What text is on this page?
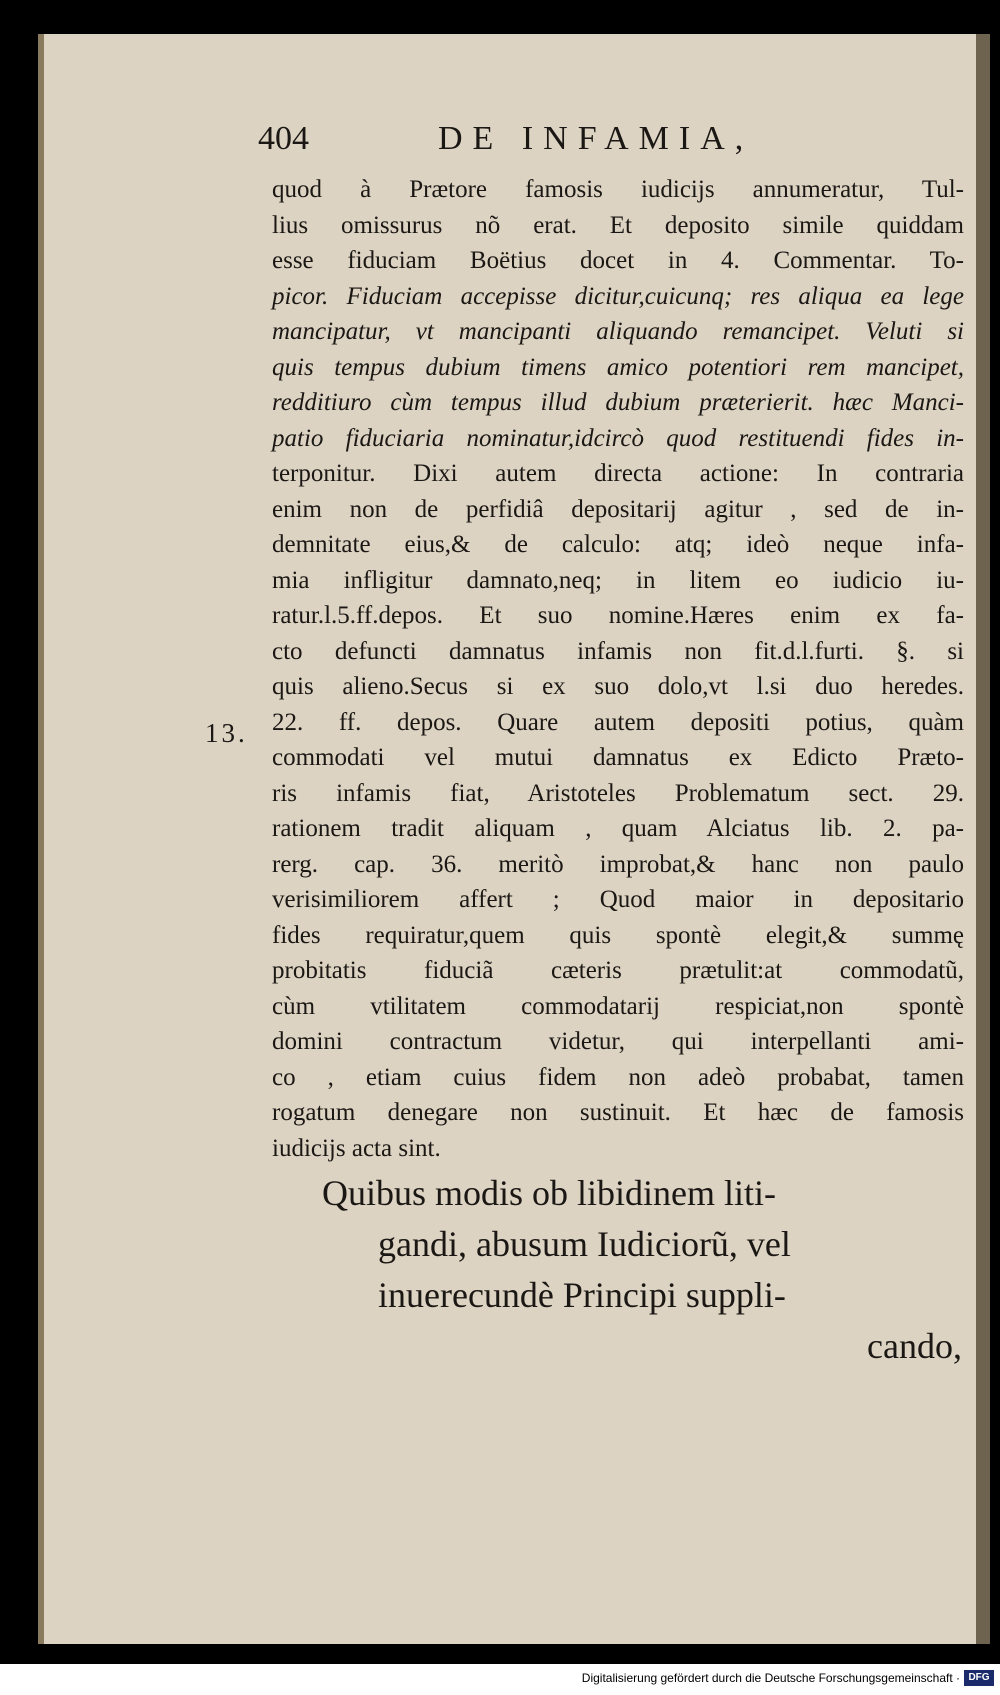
404	DE INFAMIA,
13.
quod à Prætore famosis iudicijs annumeratur, Tul-
lius omissurus nõ erat. Et deposito simile quiddam
esse fiduciam Boëtius docet in 4. Commentar. To-
picor. Fiduciam accepisse dicitur,cuicunq; res aliqua ea lege
mancipatur, vt mancipanti aliquando remancipet. Veluti si
quis tempus dubium timens amico potentiori rem mancipet,
redditiuro cùm tempus illud dubium præterierit. hæc Manci-
patio fiduciaria nominatur,idcircò quod restituendi fides in-
terponitur. Dixi autem directa actione: In contraria
enim non de perfidiâ depositarij agitur , sed de in-
demnitate eius,& de calculo: atq; ideò neque infa-
mia infligitur damnato,neq; in litem eo iudicio iu-
ratur.l.5.ff.depos. Et suo nomine.Hæres enim ex fa-
cto defuncti damnatus infamis non fit.d.l.furti. §. si
quis alieno.Secus si ex suo dolo,vt l.si duo heredes.
22. ff. depos. Quare autem depositi potius, quàm
commodati vel mutui damnatus ex Edicto Præto-
ris infamis fiat, Aristoteles Problematum sect. 29.
rationem tradit aliquam , quam Alciatus lib. 2. pa-
rerg. cap. 36. meritò improbat,& hanc non paulo
verisimiliorem affert ; Quod maior in depositario
fides requiratur,quem quis spontè elegit,& summę
probitatis fiduciã cæteris prætulit:at commodatũ,
cùm vtilitatem commodatarij respiciat,non spontè
domini contractum videtur, qui interpellanti ami-
co , etiam cuius fidem non adeò probabat, tamen
rogatum denegare non sustinuit. Et hæc de famosis
iudicijs acta sint.
Quibus modis ob libidinem liti-
gandi, abusum Iudiciorũ, vel
inuerecundè Principi suppli-
cando,
Digitalisierung gefördert durch die Deutsche Forschungsgemeinschaft · DFG
